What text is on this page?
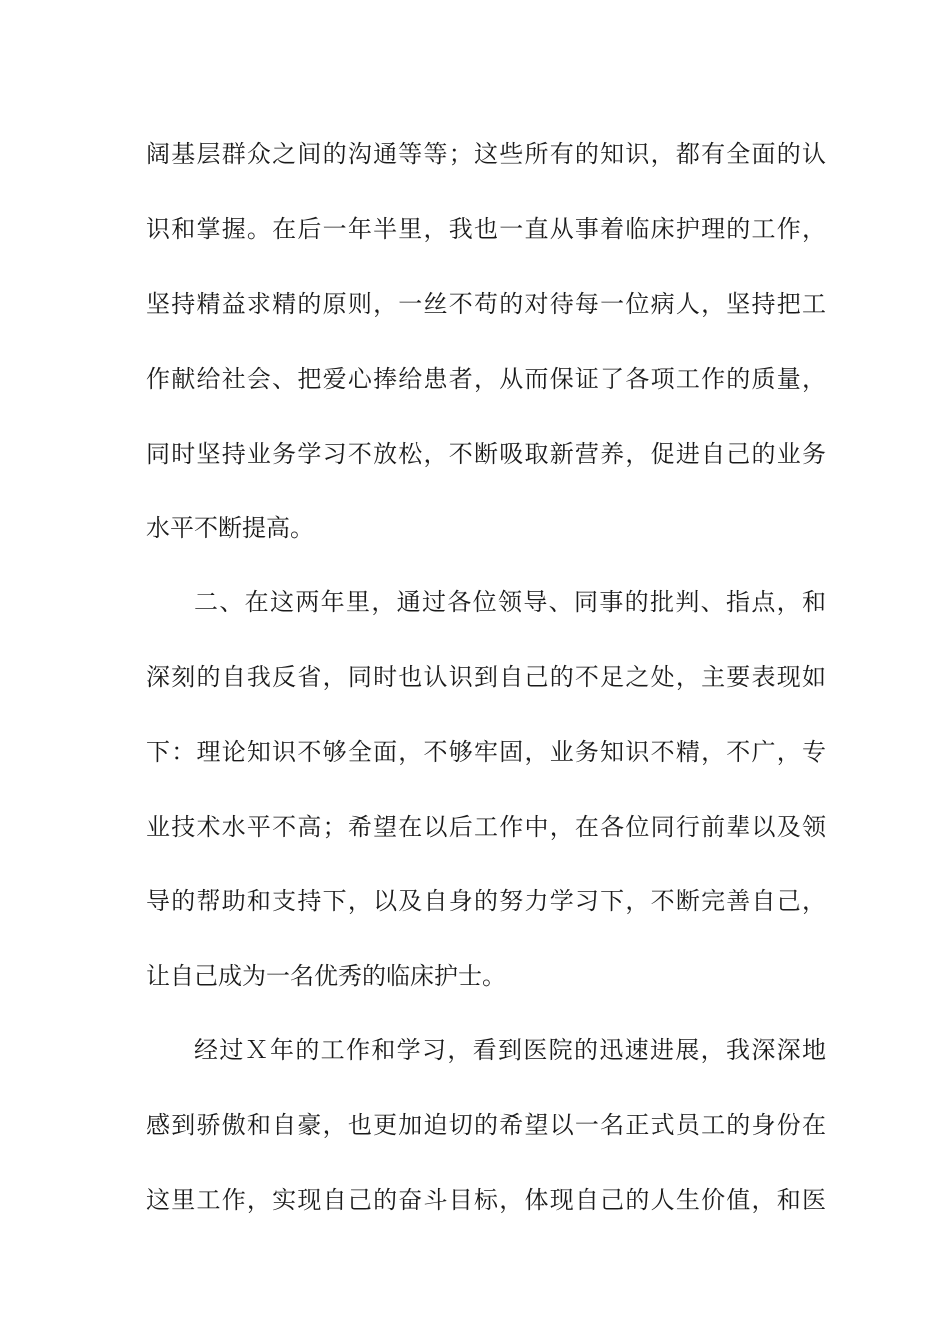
阔基层群众之间的沟通等等；这些所有的知识，都有全面的认
识和掌握。在后一年半里，我也一直从事着临床护理的工作，
坚持精益求精的原则，一丝不苟的对待每一位病人，坚持把工
作献给社会、把爱心捧给患者，从而保证了各项工作的质量，
同时坚持业务学习不放松，不断吸取新营养，促进自己的业务
水平不断提高。
二、在这两年里，通过各位领导、同事的批判、指点，和
深刻的自我反省，同时也认识到自己的不足之处，主要表现如
下：理论知识不够全面，不够牢固，业务知识不精，不广，专
业技术水平不高；希望在以后工作中，在各位同行前辈以及领
导的帮助和支持下，以及自身的努力学习下，不断完善自己，
让自己成为一名优秀的临床护士。
经过Ｘ年的工作和学习，看到医院的迅速进展，我深深地
感到骄傲和自豪，也更加迫切的希望以一名正式员工的身份在
这里工作，实现自己的奋斗目标，体现自己的人生价值，和医
